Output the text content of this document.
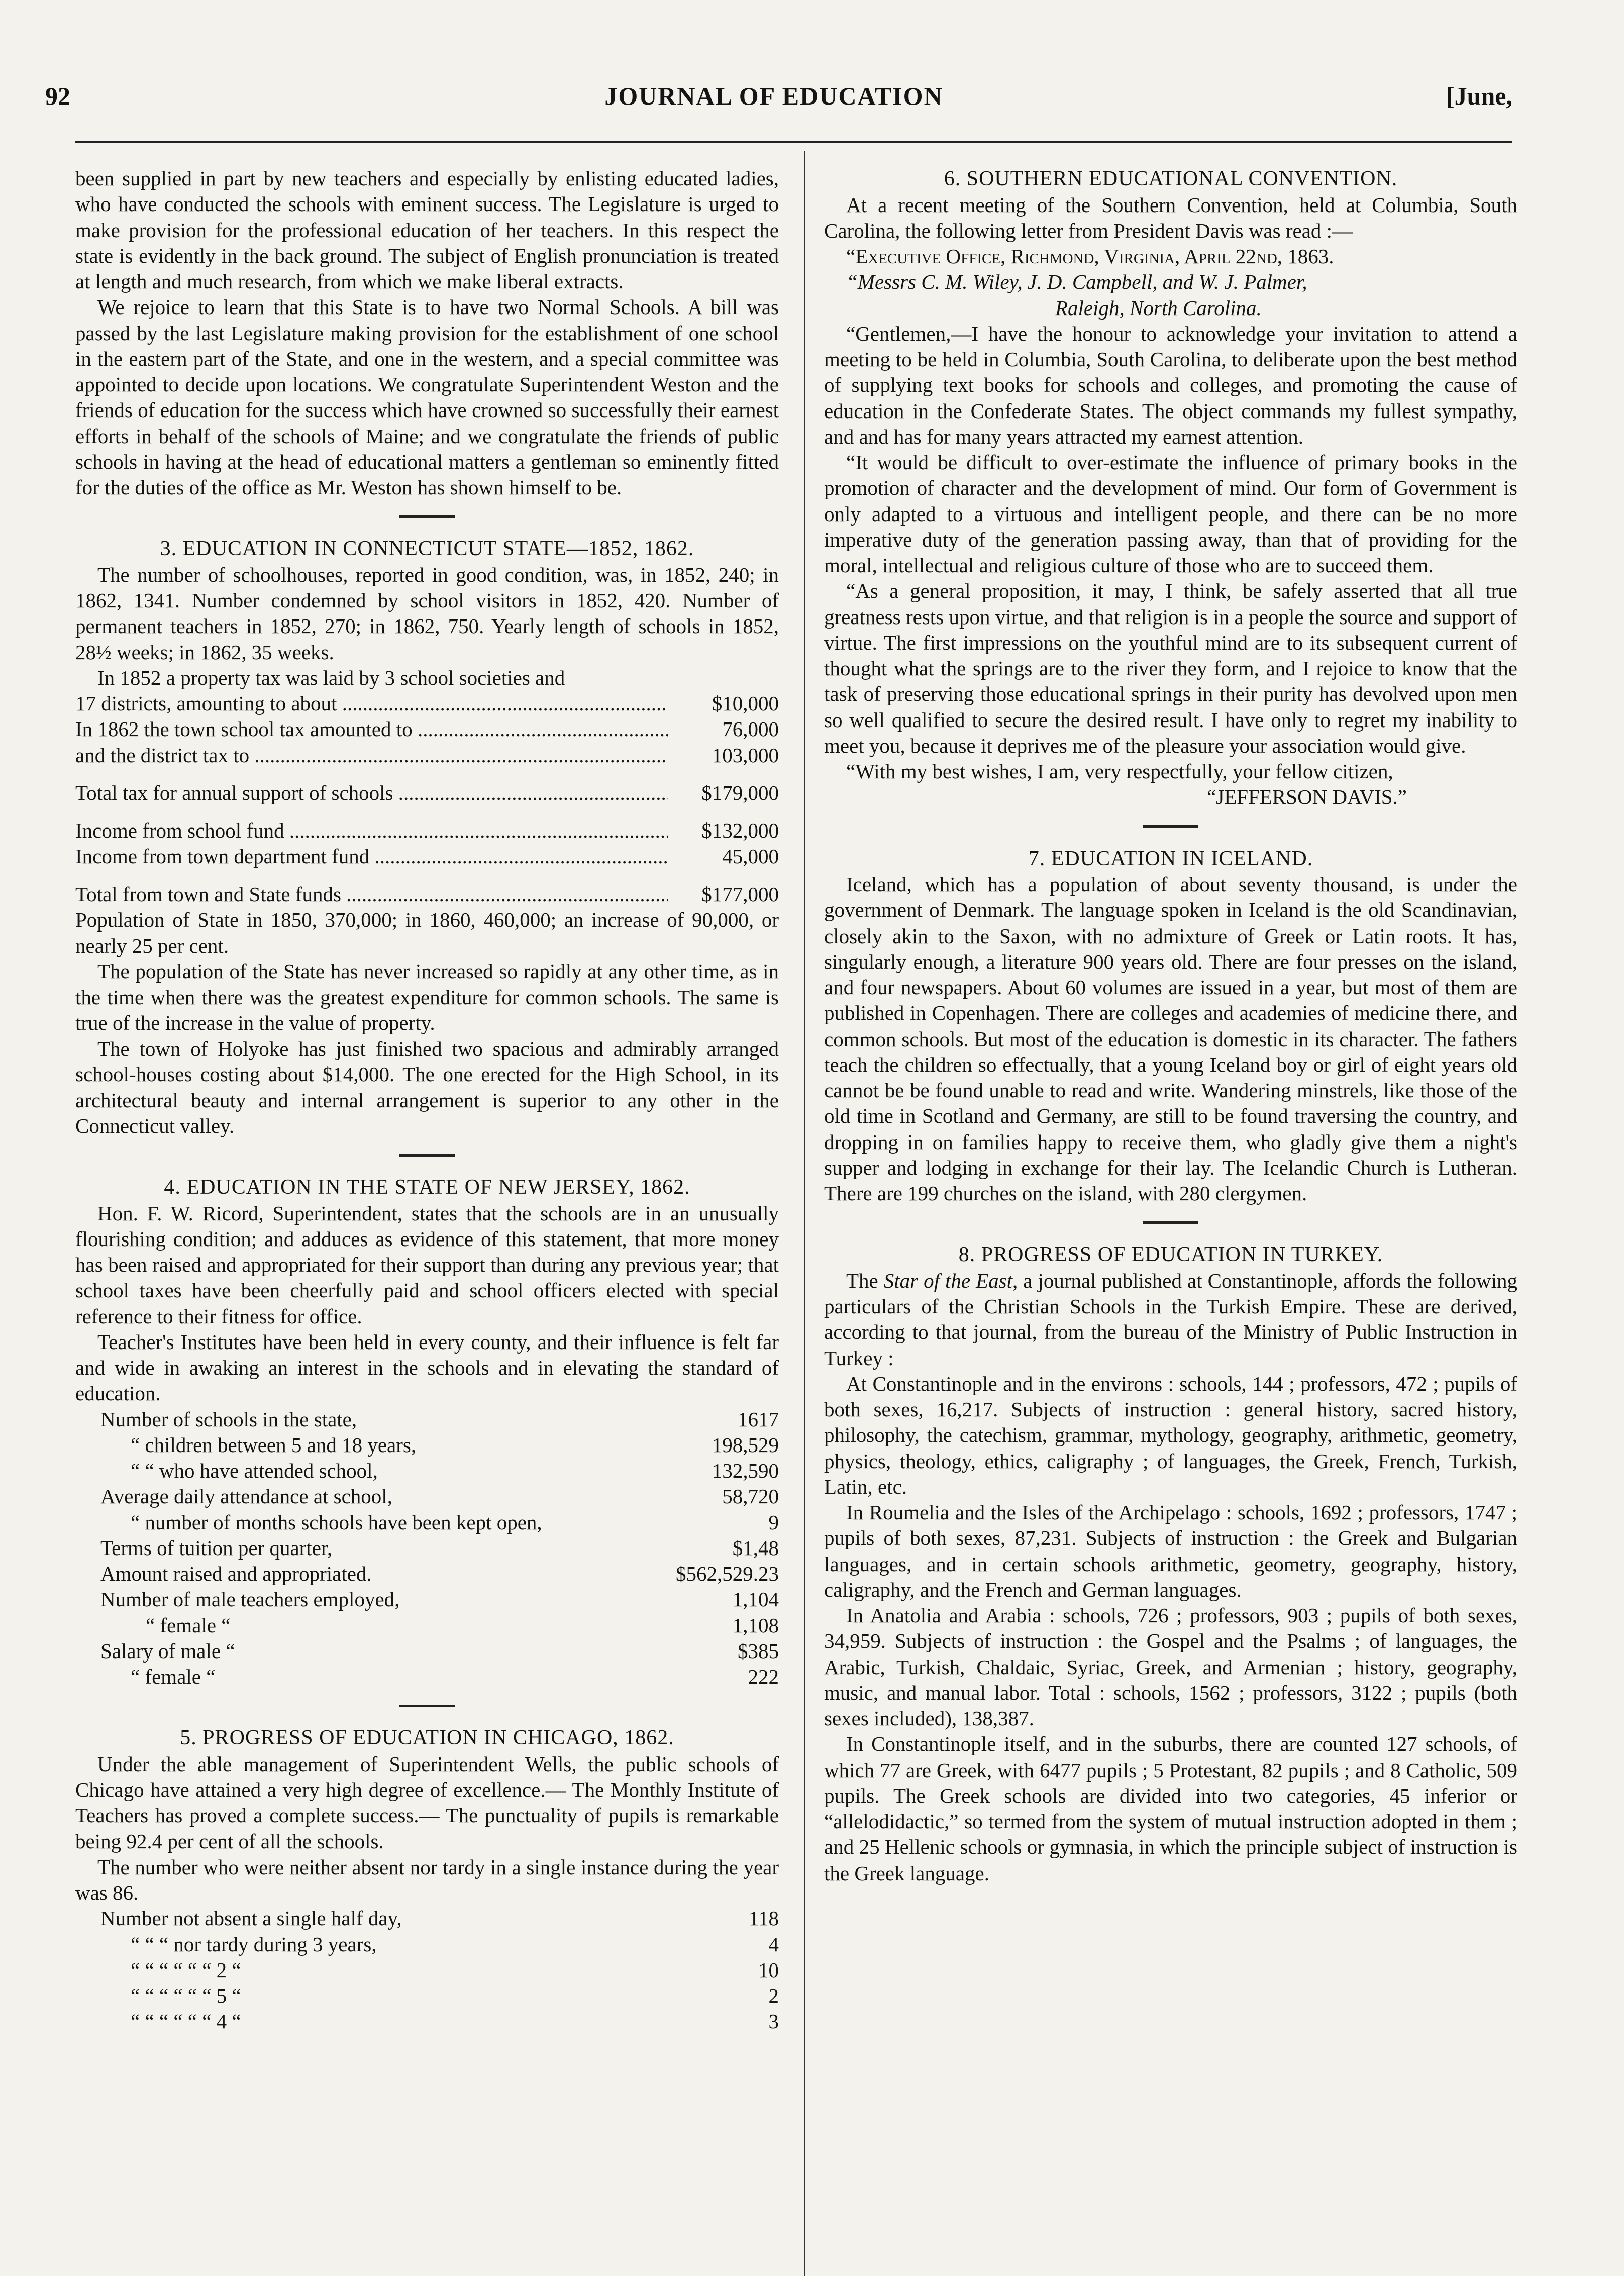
92	JOURNAL OF EDUCATION	[June,

been supplied in part by new teachers and especially by enlisting educated ladies, who have conducted the schools with eminent success. The Legislature is urged to make provision for the professional education of her teachers. In this respect the state is evidently in the back ground. The subject of English pronunciation is treated at length and much research, from which we make liberal extracts.

We rejoice to learn that this State is to have two Normal Schools. A bill was passed by the last Legislature making provision for the establishment of one school in the eastern part of the State, and one in the western, and a special committee was appointed to decide upon locations. We congratulate Superintendent Weston and the friends of education for the success which have crowned so successfully their earnest efforts in behalf of the schools of Maine; and we congratulate the friends of public schools in having at the head of educational matters a gentleman so eminently fitted for the duties of the office as Mr. Weston has shown himself to be.

3. EDUCATION IN CONNECTICUT STATE—1852, 1862.

The number of schoolhouses, reported in good condition, was, in 1852, 240; in 1862, 1341. Number condemned by school visitors in 1852, 420. Number of permanent teachers in 1852, 270; in 1862, 750. Yearly length of schools in 1852, 28½ weeks; in 1862, 35 weeks.

In 1852 a property tax was laid by 3 school societies and

17 districts, amounting to about .....	$10,000
In 1862 the town school tax amounted to .....	76,000
and the district tax to .....	103,000
Total tax for annual support of schools .....	$179,000
Income from school fund .....	$132,000
Income from town department fund .....	45,000
Total from town and State funds .....	$177,000

Population of State in 1850, 370,000; in 1860, 460,000; an increase of 90,000, or nearly 25 per cent.

The population of the State has never increased so rapidly at any other time, as in the time when there was the greatest expenditure for common schools. The same is true of the increase in the value of property.

The town of Holyoke has just finished two spacious and admirably arranged school-houses costing about $14,000. The one erected for the High School, in its architectural beauty and internal arrangement is superior to any other in the Connecticut valley.

4. EDUCATION IN THE STATE OF NEW JERSEY, 1862.

Hon. F. W. Ricord, Superintendent, states that the schools are in an unusually flourishing condition; and adduces as evidence of this statement, that more money has been raised and appropriated for their support than during any previous year; that school taxes have been cheerfully paid and school officers elected with special reference to their fitness for office.

Teacher's Institutes have been held in every county, and their influence is felt far and wide in awaking an interest in the schools and in elevating the standard of education.

Number of schools in the state,	1617
“ children between 5 and 18 years,	198,529
“ “ who have attended school,	132,590
Average daily attendance at school,	58,720
“ number of months schools have been kept open,	9
Terms of tuition per quarter,	$1,48
Amount raised and appropriated.	$562,529.23
Number of male teachers employed,	1,104
“ female “	1,108
Salary of male “	$385
“ female “	222
5. PROGRESS OF EDUCATION IN CHICAGO, 1862.

Under the able management of Superintendent Wells, the public schools of Chicago have attained a very high degree of excellence.— The Monthly Institute of Teachers has proved a complete success.— The punctuality of pupils is remarkable being 92.4 per cent of all the schools.

The number who were neither absent nor tardy in a single instance during the year was 86.

Number not absent a single half day,	118
“ “ “ nor tardy during 3 years,	4
“ “ “ “ “ “ 2 “	10
“ “ “ “ “ “ 5 “	2
“ “ “ “ “ “ 4 “	3
6. SOUTHERN EDUCATIONAL CONVENTION.

At a recent meeting of the Southern Convention, held at Columbia, South Carolina, the following letter from President Davis was read :—

“Executive Office, Richmond, Virginia, April 22nd, 1863.

“Messrs C. M. Wiley, J. D. Campbell, and W. J. Palmer,

Raleigh, North Carolina.

“Gentlemen,—I have the honour to acknowledge your invitation to attend a meeting to be held in Columbia, South Carolina, to deliberate upon the best method of supplying text books for schools and colleges, and promoting the cause of education in the Confederate States. The object commands my fullest sympathy, and and has for many years attracted my earnest attention.

“It would be difficult to over-estimate the influence of primary books in the promotion of character and the development of mind. Our form of Government is only adapted to a virtuous and intelligent people, and there can be no more imperative duty of the generation passing away, than that of providing for the moral, intellectual and religious culture of those who are to succeed them.

“As a general proposition, it may, I think, be safely asserted that all true greatness rests upon virtue, and that religion is in a people the source and support of virtue. The first impressions on the youthful mind are to its subsequent current of thought what the springs are to the river they form, and I rejoice to know that the task of preserving those educational springs in their purity has devolved upon men so well qualified to secure the desired result. I have only to regret my inability to meet you, because it deprives me of the pleasure your association would give.

“With my best wishes, I am, very respectfully, your fellow citizen,

“JEFFERSON DAVIS.”

7. EDUCATION IN ICELAND.

Iceland, which has a population of about seventy thousand, is under the government of Denmark. The language spoken in Iceland is the old Scandinavian, closely akin to the Saxon, with no admixture of Greek or Latin roots. It has, singularly enough, a literature 900 years old. There are four presses on the island, and four newspapers. About 60 volumes are issued in a year, but most of them are published in Copenhagen. There are colleges and academies of medicine there, and common schools. But most of the education is domestic in its character. The fathers teach the children so effectually, that a young Iceland boy or girl of eight years old cannot be be found unable to read and write. Wandering minstrels, like those of the old time in Scotland and Germany, are still to be found traversing the country, and dropping in on families happy to receive them, who gladly give them a night's supper and lodging in exchange for their lay. The Icelandic Church is Lutheran. There are 199 churches on the island, with 280 clergymen.

8. PROGRESS OF EDUCATION IN TURKEY.

The Star of the East, a journal published at Constantinople, affords the following particulars of the Christian Schools in the Turkish Empire. These are derived, according to that journal, from the bureau of the Ministry of Public Instruction in Turkey :

At Constantinople and in the environs : schools, 144 ; professors, 472 ; pupils of both sexes, 16,217. Subjects of instruction : general history, sacred history, philosophy, the catechism, grammar, mythology, geography, arithmetic, geometry, physics, theology, ethics, caligraphy ; of languages, the Greek, French, Turkish, Latin, etc.

In Roumelia and the Isles of the Archipelago : schools, 1692 ; professors, 1747 ; pupils of both sexes, 87,231. Subjects of instruction : the Greek and Bulgarian languages, and in certain schools arithmetic, geometry, geography, history, caligraphy, and the French and German languages.

In Anatolia and Arabia : schools, 726 ; professors, 903 ; pupils of both sexes, 34,959. Subjects of instruction : the Gospel and the Psalms ; of languages, the Arabic, Turkish, Chaldaic, Syriac, Greek, and Armenian ; history, geography, music, and manual labor. Total : schools, 1562 ; professors, 3122 ; pupils (both sexes included), 138,387.

In Constantinople itself, and in the suburbs, there are counted 127 schools, of which 77 are Greek, with 6477 pupils ; 5 Protestant, 82 pupils ; and 8 Catholic, 509 pupils. The Greek schools are divided into two categories, 45 inferior or “allelodidactic,” so termed from the system of mutual instruction adopted in them ; and 25 Hellenic schools or gymnasia, in which the principle subject of instruction is the Greek language.
